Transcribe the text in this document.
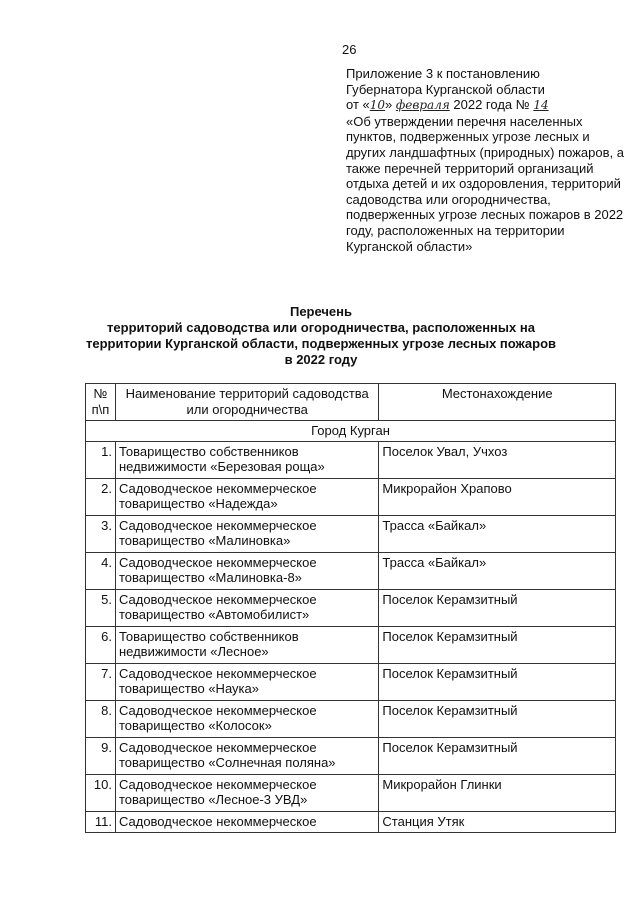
26
Приложение 3 к постановлению
Губернатора Курганской области
от «10» февраля 2022 года № 14
«Об утверждении перечня населенных пунктов, подверженных угрозе лесных и других ландшафтных (природных) пожаров, а также перечней территорий организаций отдыха детей и их оздоровления, территорий садоводства или огородничества, подверженных угрозе лесных пожаров в 2022 году, расположенных на территории Курганской области»
Перечень
территорий садоводства или огородничества, расположенных на территории Курганской области, подверженных угрозе лесных пожаров в 2022 году
№ п\п	Наименование территорий садоводства или огородничества	Местонахождение
Город Курган		
1.	Товарищество собственников недвижимости «Березовая роща»	Поселок Увал, Учхоз
2.	Садоводческое некоммерческое товарищество «Надежда»	Микрорайон Храпово
3.	Садоводческое некоммерческое товарищество «Малиновка»	Трасса «Байкал»
4.	Садоводческое некоммерческое товарищество «Малиновка-8»	Трасса «Байкал»
5.	Садоводческое некоммерческое товарищество «Автомобилист»	Поселок Керамзитный
6.	Товарищество собственников недвижимости «Лесное»	Поселок Керамзитный
7.	Садоводческое некоммерческое товарищество «Наука»	Поселок Керамзитный
8.	Садоводческое некоммерческое товарищество «Колосок»	Поселок Керамзитный
9.	Садоводческое некоммерческое товарищество «Солнечная поляна»	Поселок Керамзитный
10.	Садоводческое некоммерческое товарищество «Лесное-3 УВД»	Микрорайон Глинки
11.	Садоводческое некоммерческое	Станция Утяк
